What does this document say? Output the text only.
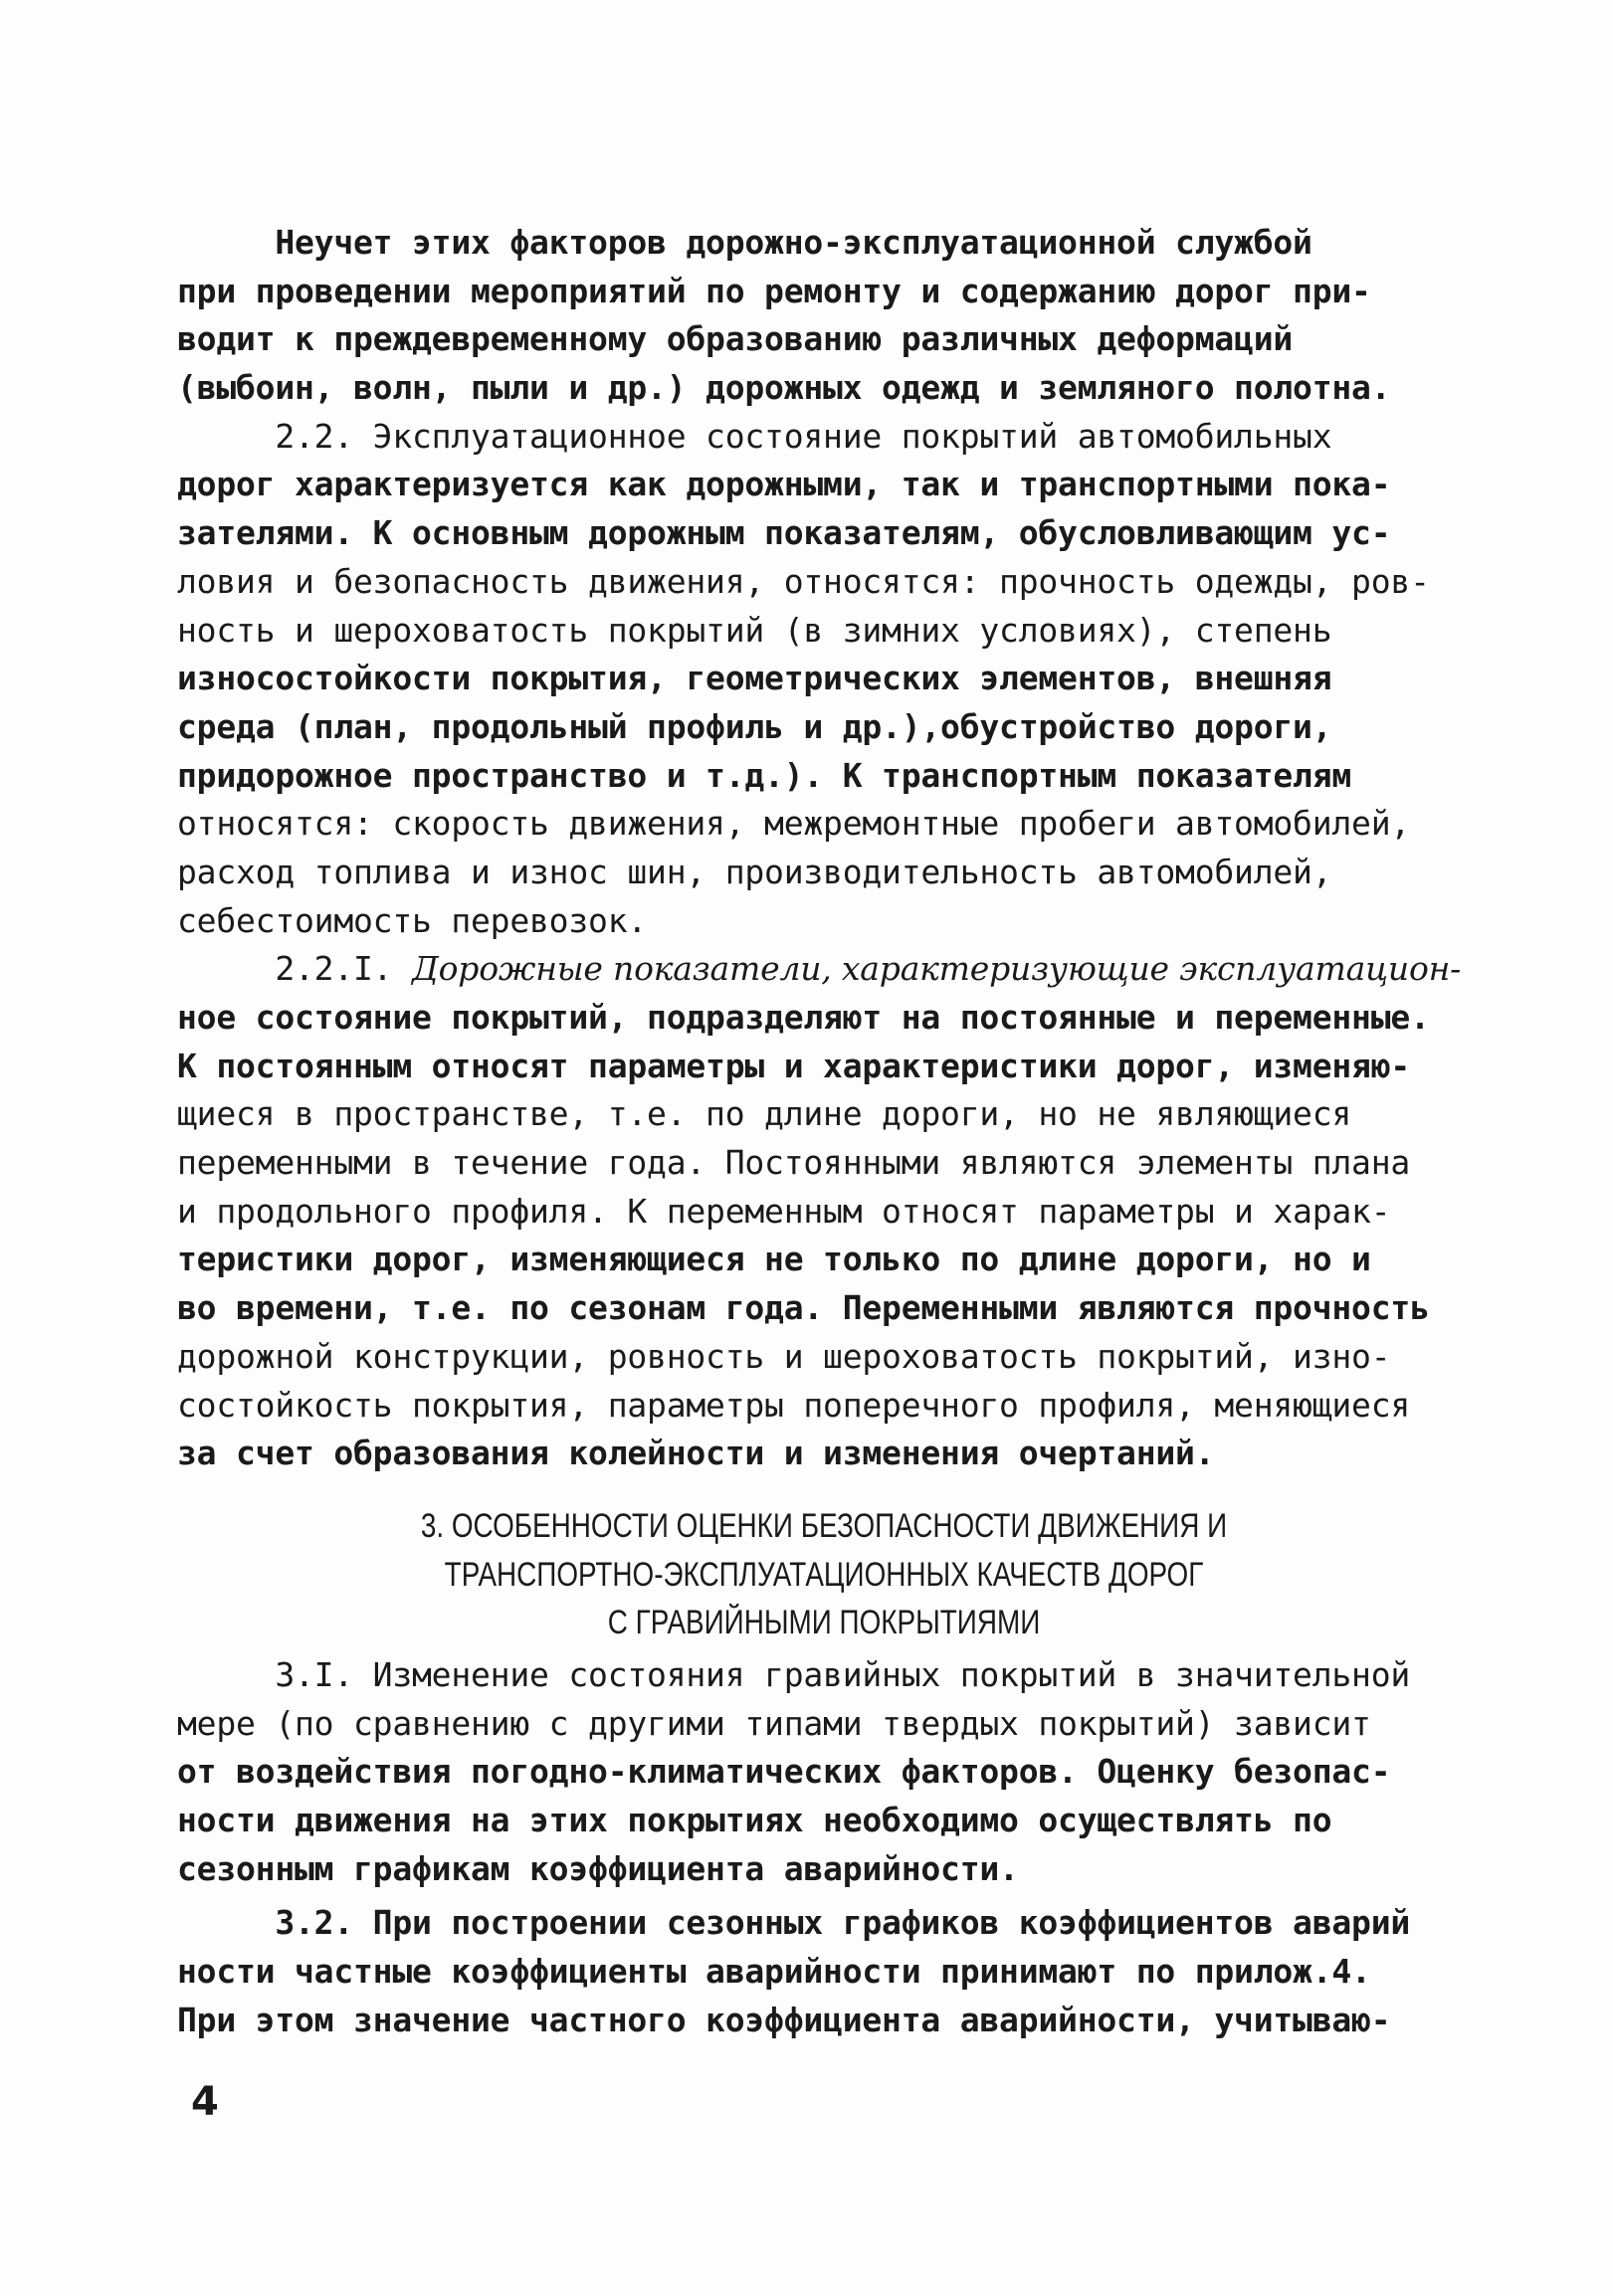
Неучет этих факторов дорожно-эксплуатационной службой
при проведении мероприятий по ремонту и содержанию дорог при-
водит к преждевременному образованию различных деформаций
(выбоин, волн, пыли и др.) дорожных одежд и земляного полотна.
2.2. Эксплуатационное состояние покрытий автомобильных
дорог характеризуется как дорожными, так и транспортными пока-
зателями. К основным дорожным показателям, обусловливающим ус-
ловия и безопасность движения, относятся: прочность одежды, ров-
ность и шероховатость покрытий (в зимних условиях), степень
износостойкости покрытия, геометрических элементов, внешняя
среда (план, продольный профиль и др.),обустройство дороги,
придорожное пространство и т.д.). К транспортным показателям
относятся: скорость движения, межремонтные пробеги автомобилей,
расход топлива и износ шин, производительность автомобилей,
себестоимость перевозок.
2.2.I. Дорожные показатели, характеризующие эксплуатацион-
ное состояние покрытий, подразделяют на постоянные и переменные.
К постоянным относят параметры и характеристики дорог, изменяю-
щиеся в пространстве, т.е. по длине дороги, но не являющиеся
переменными в течение года. Постоянными являются элементы плана
и продольного профиля. К переменным относят параметры и харак-
теристики дорог, изменяющиеся не только по длине дороги, но и
во времени, т.е. по сезонам года. Переменными являются прочность
дорожной конструкции, ровность и шероховатость покрытий, изно-
состойкость покрытия, параметры поперечного профиля, меняющиеся
за счет образования колейности и изменения очертаний.
3. ОСОБЕННОСТИ ОЦЕНКИ БЕЗОПАСНОСТИ ДВИЖЕНИЯ И
ТРАНСПОРТНО-ЭКСПЛУАТАЦИОННЫХ КАЧЕСТВ ДОРОГ
С ГРАВИЙНЫМИ ПОКРЫТИЯМИ
3.I. Изменение состояния гравийных покрытий в значительной
мере (по сравнению с другими типами твердых покрытий) зависит
от воздействия погодно-климатических факторов. Оценку безопас-
ности движения на этих покрытиях необходимо осуществлять по
сезонным графикам коэффициента аварийности.
3.2. При построении сезонных графиков коэффициентов аварий
ности частные коэффициенты аварийности принимают по прилож.4.
При этом значение частного коэффициента аварийности, учитываю-
4
